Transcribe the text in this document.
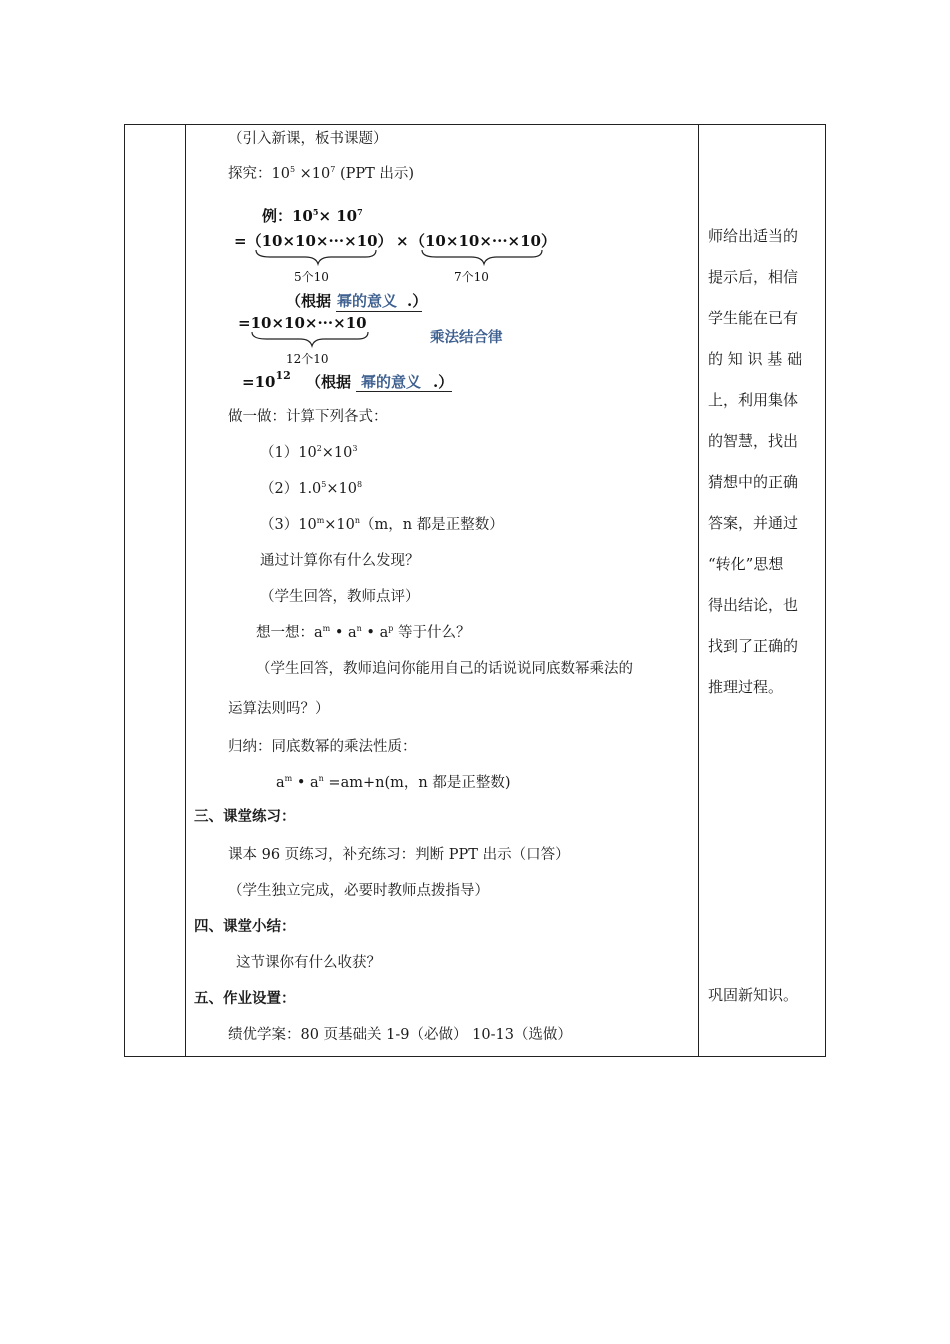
（引入新课，板书课题）
探究：$10^5 \times 10^7$ (PPT 出示)
例：$10^5\times 10^7$
=（10×10×···×10） × （10×10×···×10）
5个10	7个10
（根据 幂的意义 .）
=10×10×···×10
乘法结合律
12个10
$=10^{12}$ （根据 幂的意义 .）
做一做：计算下列各式：
$(1)10^2\times 10^3$
$(2)1.0^5\times 10^8$
$(3)10^m\times 10^n(m$，n 都是正整数）
通过计算你有什么发现？
（学生回答，教师点评）
想一想：$a^m$ • $a^n$ • $a^p$ 等于什么？
（学生回答，教师追问你能用自己的话说说同底数幂乘法的
运算法则吗？）
归纳：同底数幂的乘法性质：
$a^m$ • $a^n =am+n(m$，n 都是正整数)
三、课堂练习：
课本 96 页练习，补充练习：判断 PPT 出示（口答）
（学生独立完成，必要时教师点拨指导）
四、课堂小结：
这节课你有什么收获？
五、作业设置：
绩优学案：80 页基础关 1-9（必做） 10-13（选做）
师给出适当的
提示后，相信
学生能在已有
的 知 识 基 础
上，利用集体
的智慧，找出
猜想中的正确
答案，并通过
“转化”思想
得出结论，也
找到了正确的
推理过程。
巩固新知识。
